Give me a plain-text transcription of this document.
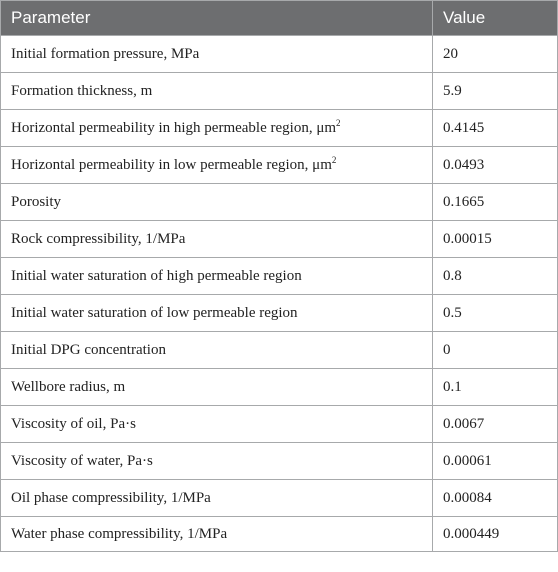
Parameter	Value
Initial formation pressure, MPa	20
Formation thickness, m	5.9
Horizontal permeability in high permeable region, $\mu m^2$	0.4145
Horizontal permeability in low permeable region, $\mu m^2$	0.0493
Porosity	0.1665
Rock compressibility, 1/MPa	0.00015
Initial water saturation of high permeable region	0.8
Initial water saturation of low permeable region	0.5
Initial DPG concentration	0
Wellbore radius, m	0.1
Viscosity of oil, Pa·s	0.0067
Viscosity of water, Pa·s	0.00061
Oil phase compressibility, 1/MPa	0.00084
Water phase compressibility, 1/MPa	0.000449
